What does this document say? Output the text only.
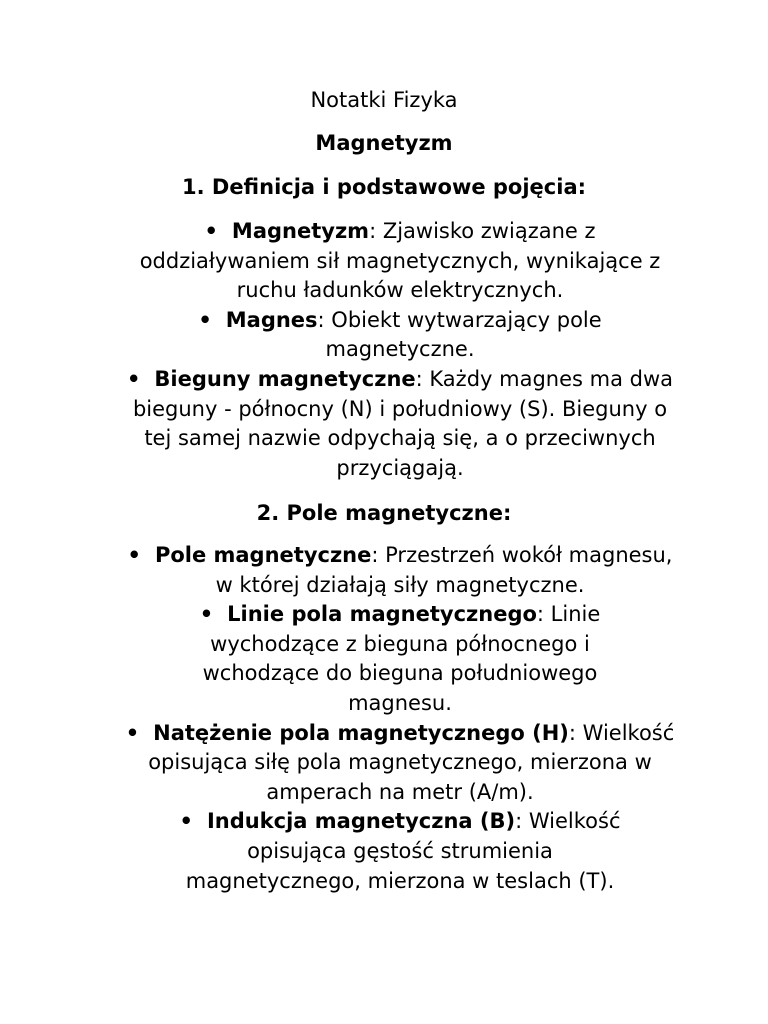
Notatki Fizyka
Magnetyzm
1. Definicja i podstawowe pojęcia:
• Magnetyzm: Zjawisko związane z oddziaływaniem sił magnetycznych, wynikające z ruchu ładunków elektrycznych.
• Magnes: Obiekt wytwarzający pole magnetyczne.
• Bieguny magnetyczne: Każdy magnes ma dwa bieguny - północny (N) i południowy (S). Bieguny o tej samej nazwie odpychają się, a o przeciwnych przyciągają.
2. Pole magnetyczne:
• Pole magnetyczne: Przestrzeń wokół magnesu, w której działają siły magnetyczne.
• Linie pola magnetycznego: Linie wychodzące z bieguna północnego i wchodzące do bieguna południowego magnesu.
• Natężenie pola magnetycznego (H): Wielkość opisująca siłę pola magnetycznego, mierzona w amperach na metr (A/m).
• Indukcja magnetyczna (B): Wielkość opisująca gęstość strumienia magnetycznego, mierzona w teslach (T).
